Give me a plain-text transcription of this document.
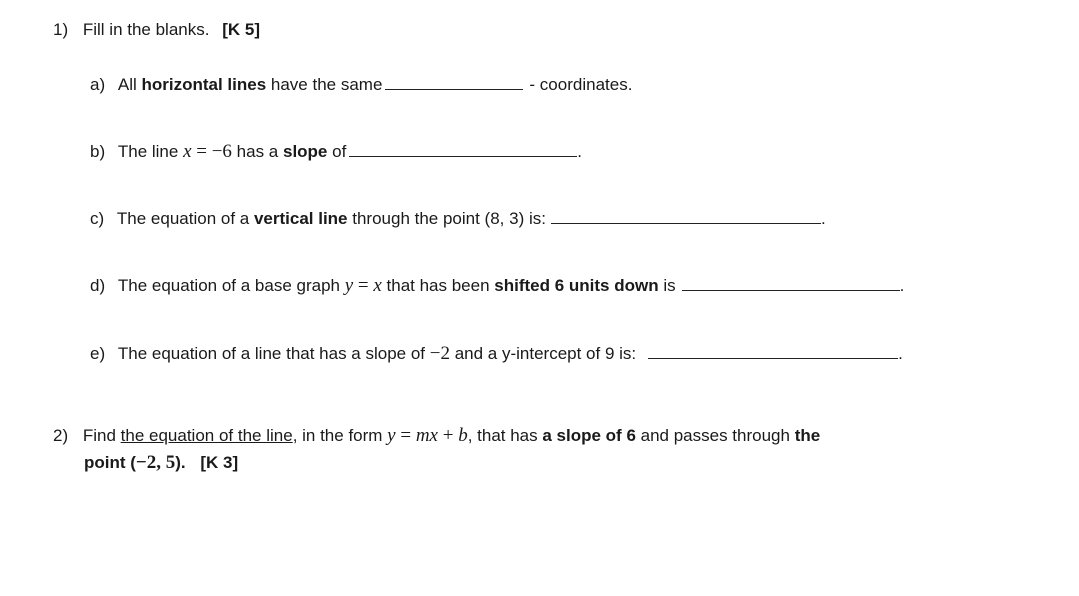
1) Fill in the blanks. [K 5]
a) All horizontal lines have the same	- coordinates.
b) The line x = −6 has a slope of	.
c) The equation of a vertical line through the point (8, 3) is:	.
d) The equation of a base graph y = x that has been shifted 6 units down is	.
e) The equation of a line that has a slope of −2 and a y-intercept of 9 is:	.
2) Find the equation of the line, in the form y = mx + b, that has a slope of 6 and passes through the
point (−2, 5). [K 3]
